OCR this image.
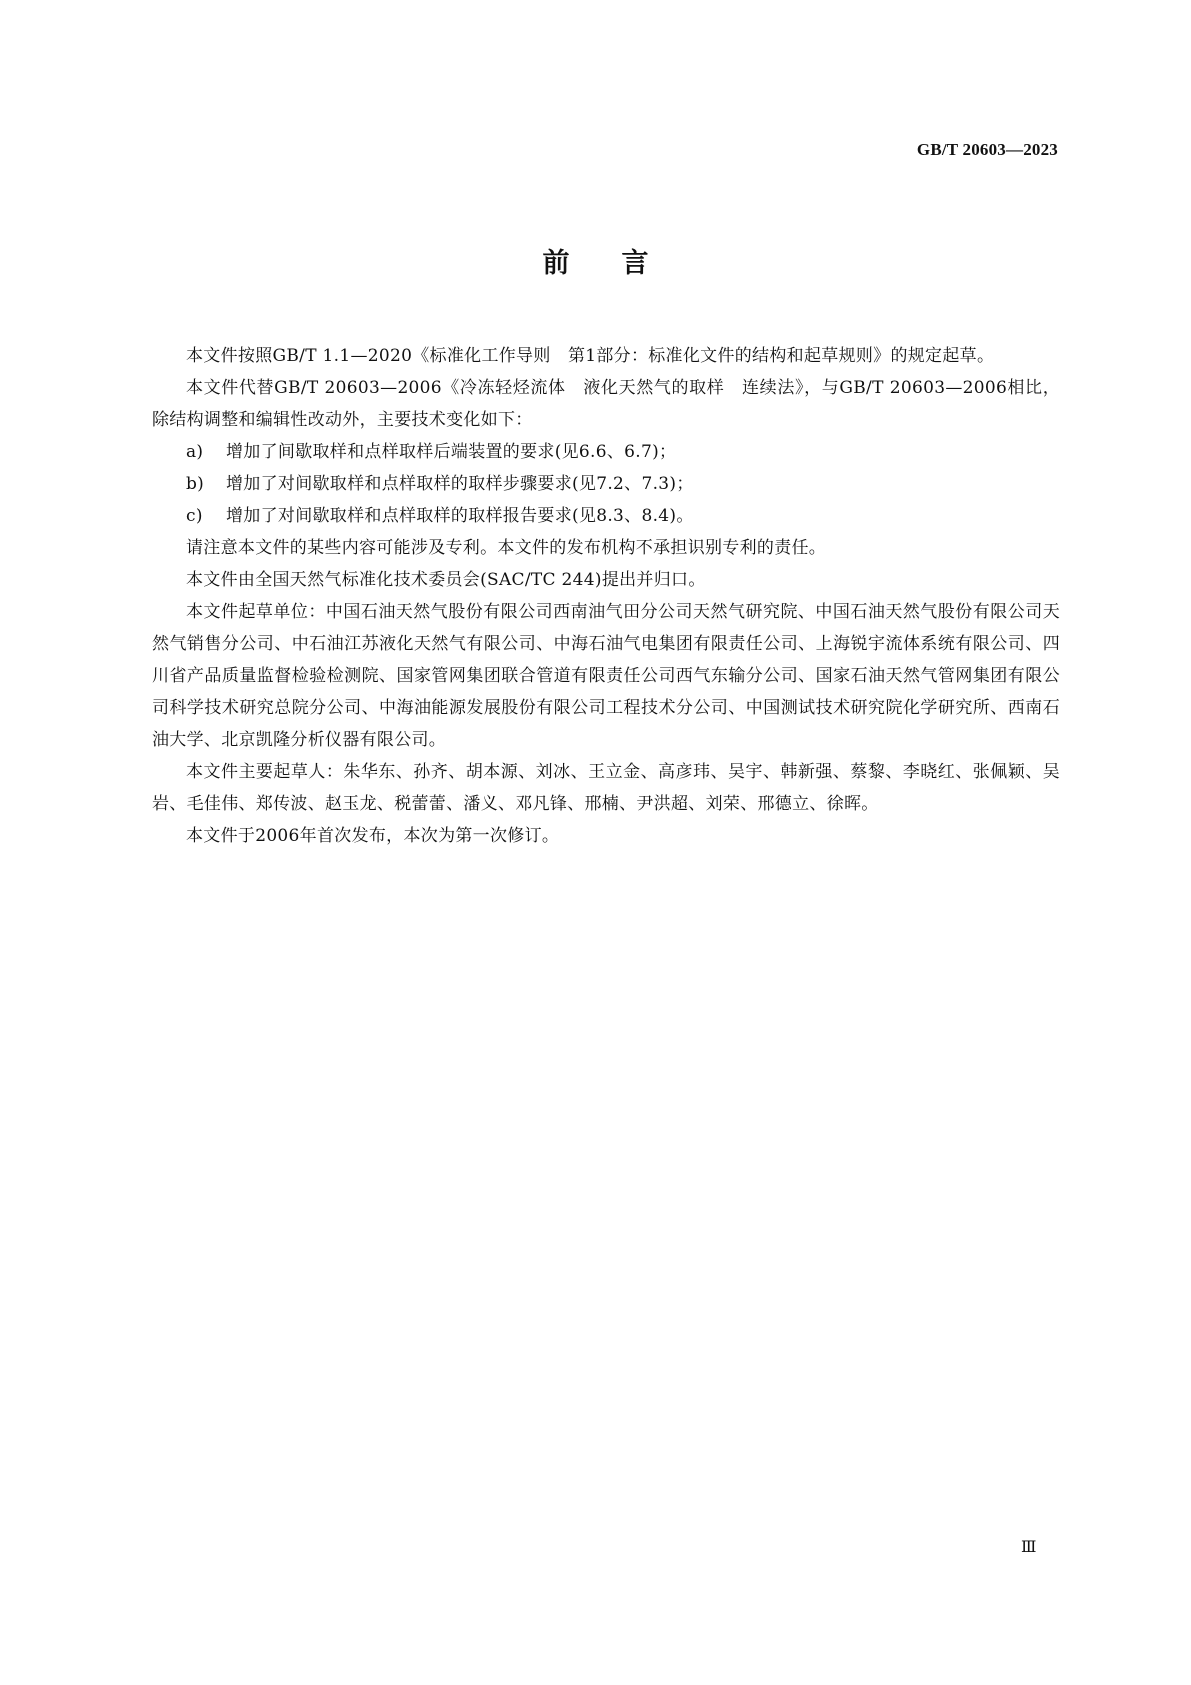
GB/T 20603—2023
前言

本文件按照GB/T 1.1—2020《标准化工作导则　第1部分：标准化文件的结构和起草规则》的规定起草。

本文件代替GB/T 20603—2006《冷冻轻烃流体　液化天然气的取样　连续法》，与GB/T 20603—2006相比，除结构调整和编辑性改动外，主要技术变化如下：

a) 增加了间歇取样和点样取样后端装置的要求(见6.6、6.7)；

b) 增加了对间歇取样和点样取样的取样步骤要求(见7.2、7.3)；

c) 增加了对间歇取样和点样取样的取样报告要求(见8.3、8.4)。

请注意本文件的某些内容可能涉及专利。本文件的发布机构不承担识别专利的责任。

本文件由全国天然气标准化技术委员会(SAC/TC 244)提出并归口。

本文件起草单位：中国石油天然气股份有限公司西南油气田分公司天然气研究院、中国石油天然气股份有限公司天然气销售分公司、中石油江苏液化天然气有限公司、中海石油气电集团有限责任公司、上海锐宇流体系统有限公司、四川省产品质量监督检验检测院、国家管网集团联合管道有限责任公司西气东输分公司、国家石油天然气管网集团有限公司科学技术研究总院分公司、中海油能源发展股份有限公司工程技术分公司、中国测试技术研究院化学研究所、西南石油大学、北京凯隆分析仪器有限公司。

本文件主要起草人：朱华东、孙齐、胡本源、刘冰、王立金、高彦玮、吴宇、韩新强、蔡黎、李晓红、张佩颖、吴岩、毛佳伟、郑传波、赵玉龙、税蕾蕾、潘义、邓凡锋、邢楠、尹洪超、刘荣、邢德立、徐晖。

本文件于2006年首次发布，本次为第一次修订。

Ⅲ
